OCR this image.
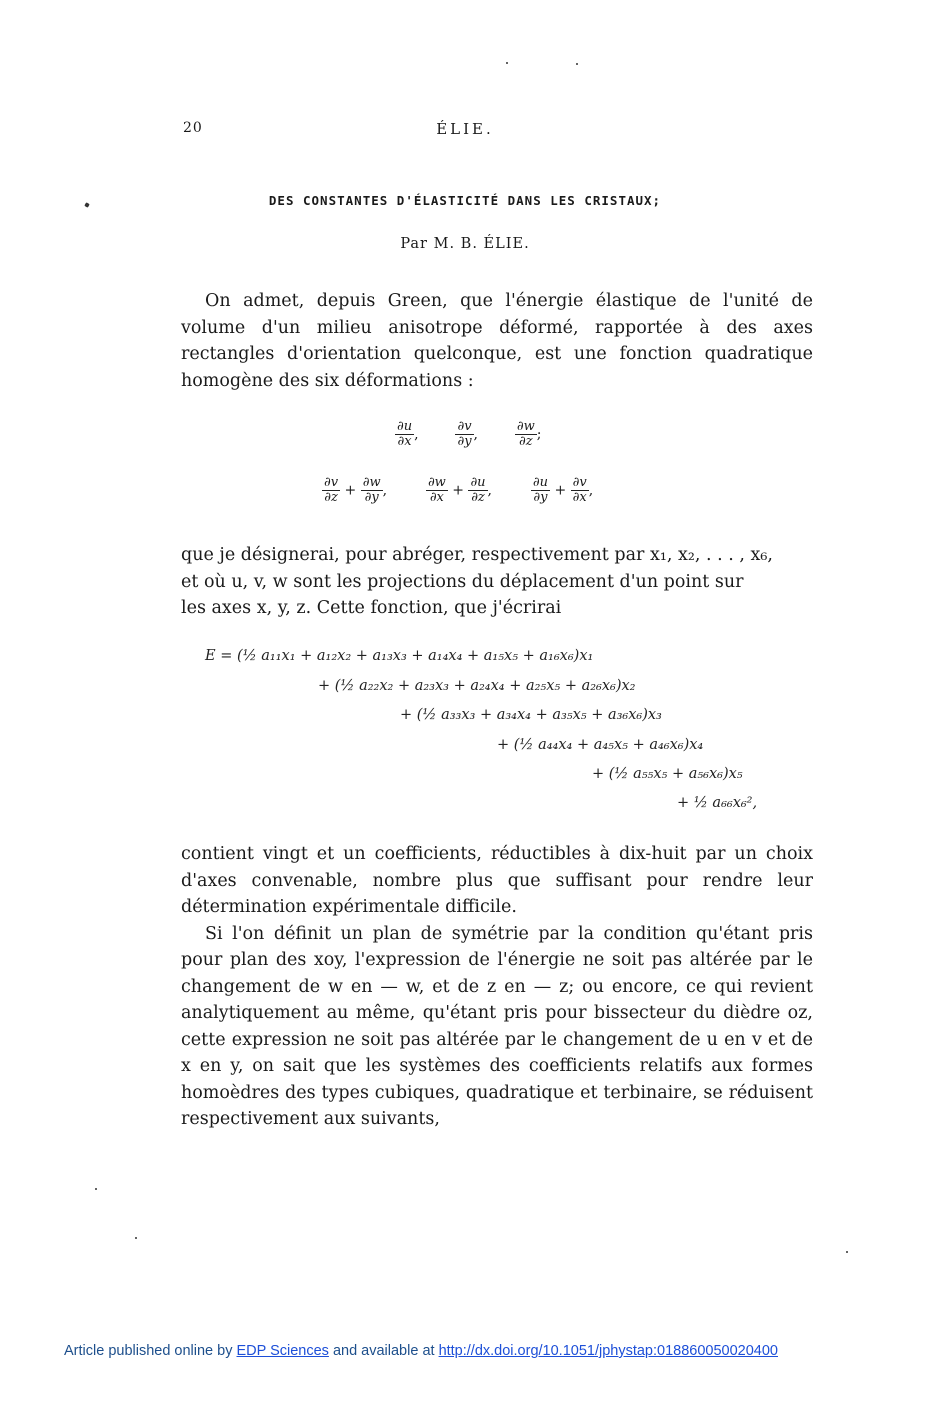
20	ÉLIE.
DES CONSTANTES D'ÉLASTICITÉ DANS LES CRISTAUX;
Par M. B. ÉLIE.

On admet, depuis Green, que l'énergie élastique de l'unité de volume d'un milieu anisotrope déformé, rapportée à des axes rectangles d'orientation quelconque, est une fonction quadratique homogène des six déformations :

$\frac{\partial u}{\partial x}$ ,	$\frac{\partial v}{\partial y}$ ,	$\frac{\partial w}{\partial z}$ ;
$\frac{\partial v}{\partial z} + \frac{\partial w}{\partial y}$ ,	$\frac{\partial w}{\partial x} + \frac{\partial u}{\partial z}$ ,	$\frac{\partial u}{\partial y} + \frac{\partial v}{\partial x}$ ,

que je désignerai, pour abréger, respectivement par x₁, x₂, . . . , x₆,

et où u, v, w sont les projections du déplacement d'un point sur

les axes x, y, z. Cette fonction, que j'écrirai

E = (½ a₁₁x₁ + a₁₂x₂ + a₁₃x₃ + a₁₄x₄ + a₁₅x₅ + a₁₆x₆)x₁
+ (½ a₂₂x₂ + a₂₃x₃ + a₂₄x₄ + a₂₅x₅ + a₂₆x₆)x₂
+ (½ a₃₃x₃ + a₃₄x₄ + a₃₅x₅ + a₃₆x₆)x₃
+ (½ a₄₄x₄ + a₄₅x₅ + a₄₆x₆)x₄
+ (½ a₅₅x₅ + a₅₆x₆)x₅
+ ½ a₆₆x₆²,

contient vingt et un coefficients, réductibles à dix-huit par un choix d'axes convenable, nombre plus que suffisant pour rendre leur détermination expérimentale difficile.

Si l'on définit un plan de symétrie par la condition qu'étant pris pour plan des xoy, l'expression de l'énergie ne soit pas altérée par le changement de w en — w, et de z en — z; ou encore, ce qui revient analytiquement au même, qu'étant pris pour bissecteur du dièdre oz, cette expression ne soit pas altérée par le changement de u en v et de x en y, on sait que les systèmes des coefficients relatifs aux formes homoèdres des types cubiques, quadratique et terbinaire, se réduisent respectivement aux suivants,

Article published online by EDP Sciences and available at http://dx.doi.org/10.1051/jphystap:018860050020400
